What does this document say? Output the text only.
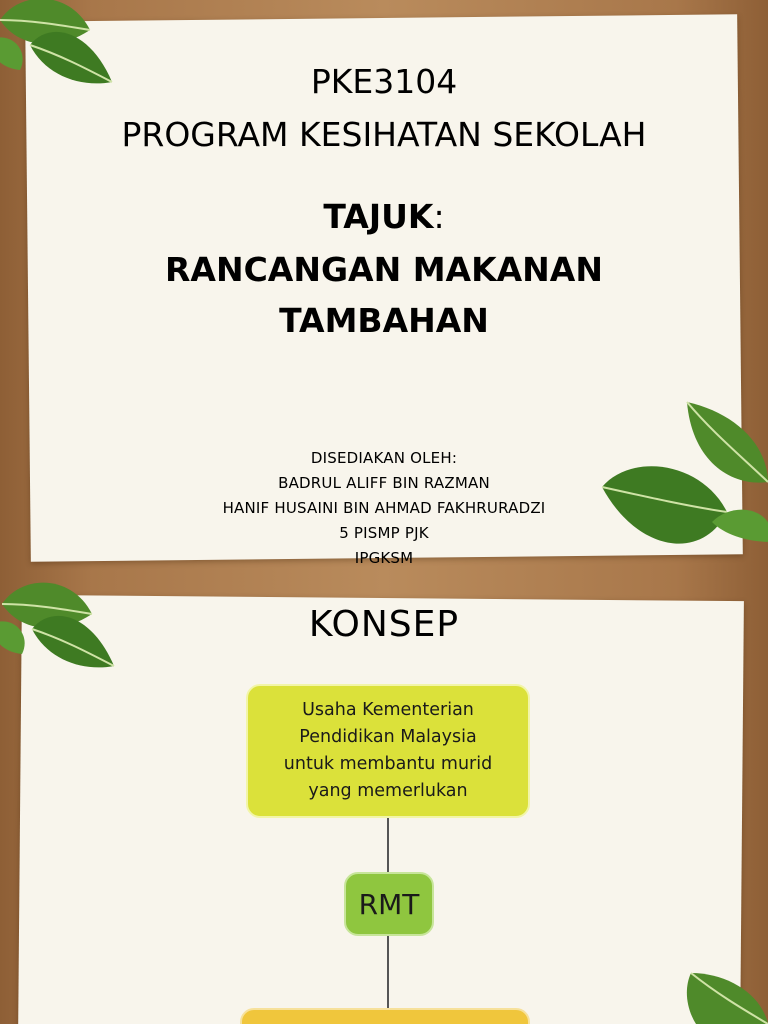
PKE3104
PROGRAM KESIHATAN SEKOLAH
TAJUK:
RANCANGAN MAKANAN
TAMBAHAN
DISEDIAKAN OLEH:
BADRUL ALIFF BIN RAZMAN
HANIF HUSAINI BIN AHMAD FAKHRURADZI
5 PISMP PJK
IPGKSM
KONSEP
Usaha Kementerian
Pendidikan Malaysia
untuk membantu murid
yang memerlukan
RMT
